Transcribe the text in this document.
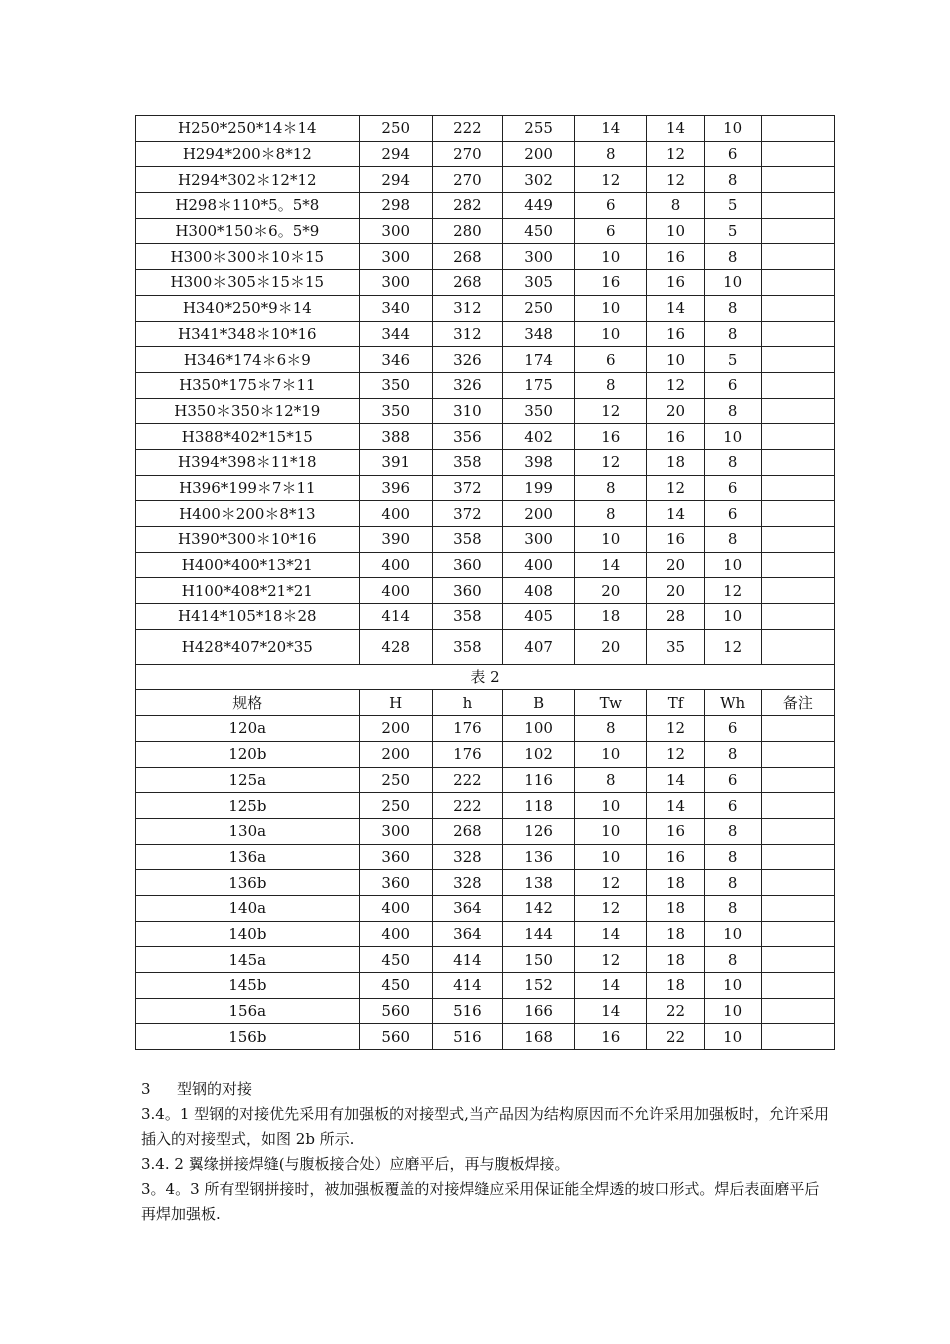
H250*250*14＊14	250	222	255	14	14	10	
H294*200＊8*12	294	270	200	8	12	6	
H294*302＊12*12	294	270	302	12	12	8	
H298＊110*5。5*8	298	282	449	6	8	5	
H300*150＊6。5*9	300	280	450	6	10	5	
H300＊300＊10＊15	300	268	300	10	16	8	
H300＊305＊15＊15	300	268	305	16	16	10	
H340*250*9＊14	340	312	250	10	14	8	
H341*348＊10*16	344	312	348	10	16	8	
H346*174＊6＊9	346	326	174	6	10	5	
H350*175＊7＊11	350	326	175	8	12	6	
H350＊350＊12*19	350	310	350	12	20	8	
H388*402*15*15	388	356	402	16	16	10	
H394*398＊11*18	391	358	398	12	18	8	
H396*199＊7＊11	396	372	199	8	12	6	
H400＊200＊8*13	400	372	200	8	14	6	
H390*300＊10*16	390	358	300	10	16	8	
H400*400*13*21	400	360	400	14	20	10	
H100*408*21*21	400	360	408	20	20	12	
H414*105*18＊28	414	358	405	18	28	10	
H428*407*20*35	428	358	407	20	35	12	
表 2							
规格	H	h	B	Tw	Tf	Wh	备注
120a	200	176	100	8	12	6	
120b	200	176	102	10	12	8	
125a	250	222	116	8	14	6	
125b	250	222	118	10	14	6	
130a	300	268	126	10	16	8	
136a	360	328	136	10	16	8	
136b	360	328	138	12	18	8	
140a	400	364	142	12	18	8	
140b	400	364	144	14	18	10	
145a	450	414	150	12	18	8	
145b	450	414	152	14	18	10	
156a	560	516	166	14	22	10	
156b	560	516	168	16	22	10	

3 型钢的对接

3.4。1 型钢的对接优先采用有加强板的对接型式,当产品因为结构原因而不允许采用加强板时，允许采用插入的对接型式，如图 2b 所示.

3.4. 2 翼缘拼接焊缝(与腹板接合处）应磨平后，再与腹板焊接。

3。4。3 所有型钢拼接时，被加强板覆盖的对接焊缝应采用保证能全焊透的坡口形式。焊后表面磨平后再焊加强板.
